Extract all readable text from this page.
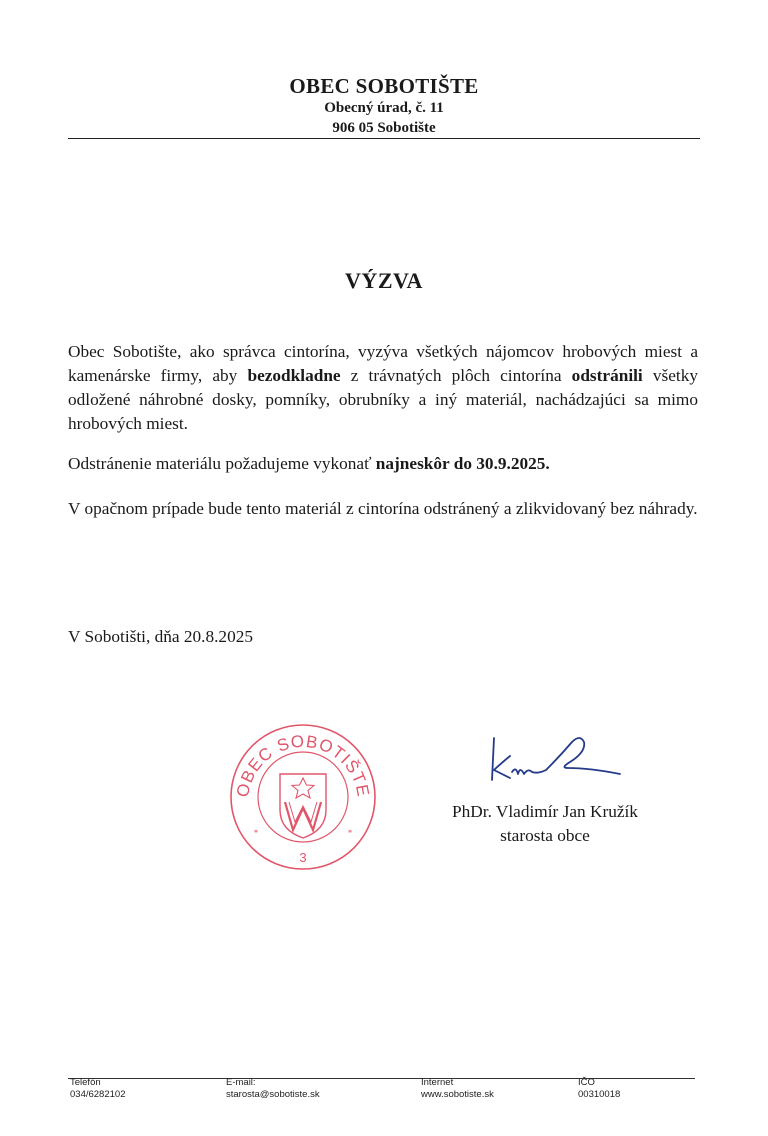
OBEC SOBOTIŠTE
Obecný úrad, č. 11
906 05 Sobotište
VÝZVA

Obec Sobotište, ako správca cintorína, vyzýva všetkých nájomcov hrobových miest a kamenárske firmy, aby bezodkladne z trávnatých plôch cintorína odstránili všetky odložené náhrobné dosky, pomníky, obrubníky a iný materiál, nachádzajúci sa mimo hrobových miest.

Odstránenie materiálu požadujeme vykonať najneskôr do 30.9.2025.

V opačnom prípade bude tento materiál z cintorína odstránený a zlikvidovaný bez náhrady.

V Sobotišti, dňa 20.8.2025
OBEC SOBOTIŠTE
3
*	*
PhDr. Vladimír Jan Kružík
starosta obce
Telefón
034/6282102
E-mail:
starosta@sobotiste.sk
Internet
www.sobotiste.sk
IČO
00310018
